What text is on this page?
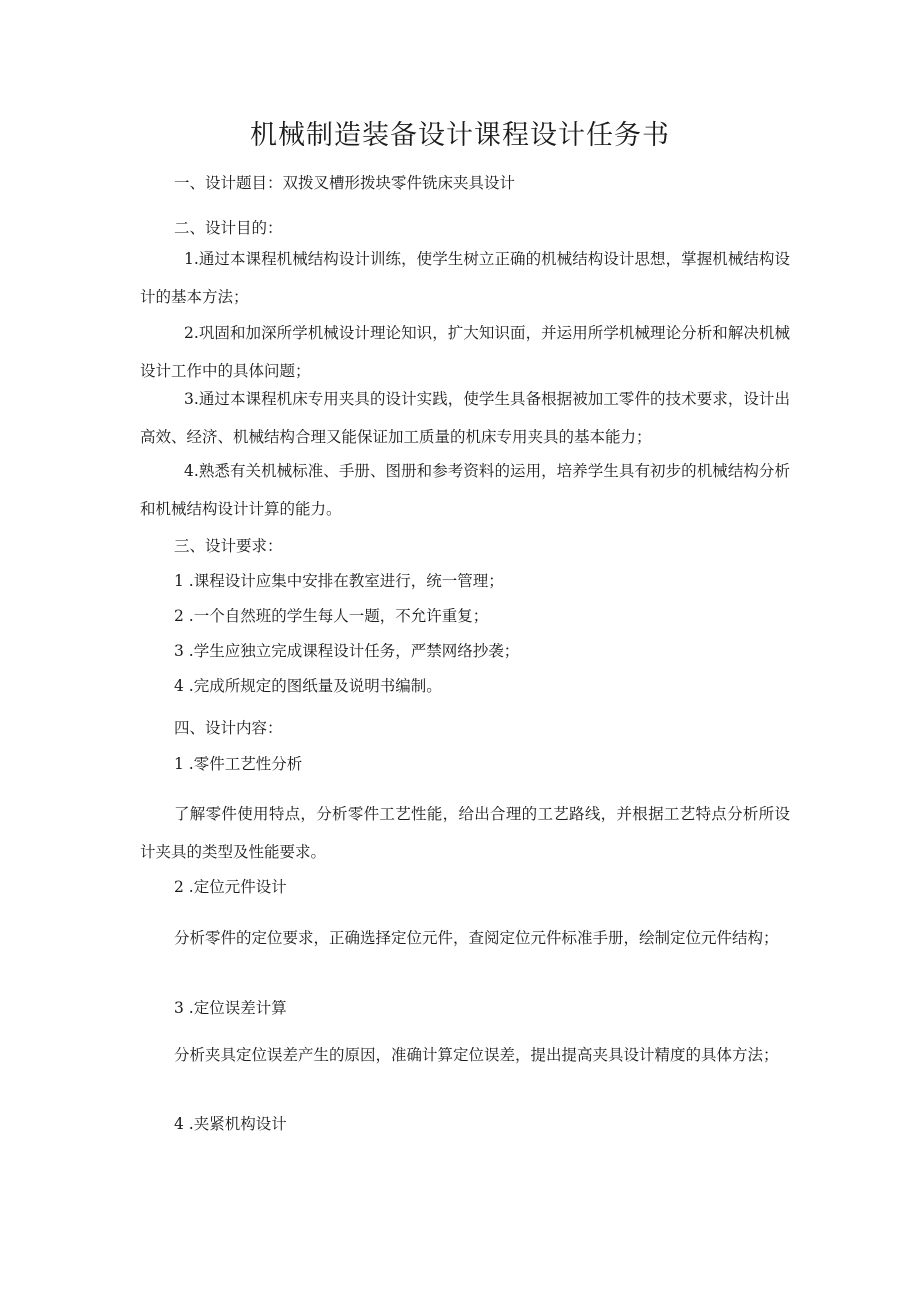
机械制造装备设计课程设计任务书
一、设计题目：双拨叉槽形拨块零件铣床夹具设计
二、设计目的：
1.通过本课程机械结构设计训练，使学生树立正确的机械结构设计思想，掌握机械结构设计的基本方法；
2.巩固和加深所学机械设计理论知识，扩大知识面，并运用所学机械理论分析和解决机械设计工作中的具体问题；
3.通过本课程机床专用夹具的设计实践，使学生具备根据被加工零件的技术要求，设计出高效、经济、机械结构合理又能保证加工质量的机床专用夹具的基本能力；
4.熟悉有关机械标准、手册、图册和参考资料的运用，培养学生具有初步的机械结构分析和机械结构设计计算的能力。
三、设计要求：
1 .课程设计应集中安排在教室进行，统一管理；
2 .一个自然班的学生每人一题，不允许重复；
3 .学生应独立完成课程设计任务，严禁网络抄袭；
4 .完成所规定的图纸量及说明书编制。
四、设计内容：
1 .零件工艺性分析
了解零件使用特点，分析零件工艺性能，给出合理的工艺路线，并根据工艺特点分析所设计夹具的类型及性能要求。
2 .定位元件设计
分析零件的定位要求，正确选择定位元件，查阅定位元件标准手册，绘制定位元件结构；
3 .定位误差计算
分析夹具定位误差产生的原因，准确计算定位误差，提出提高夹具设计精度的具体方法；
4 .夹紧机构设计
